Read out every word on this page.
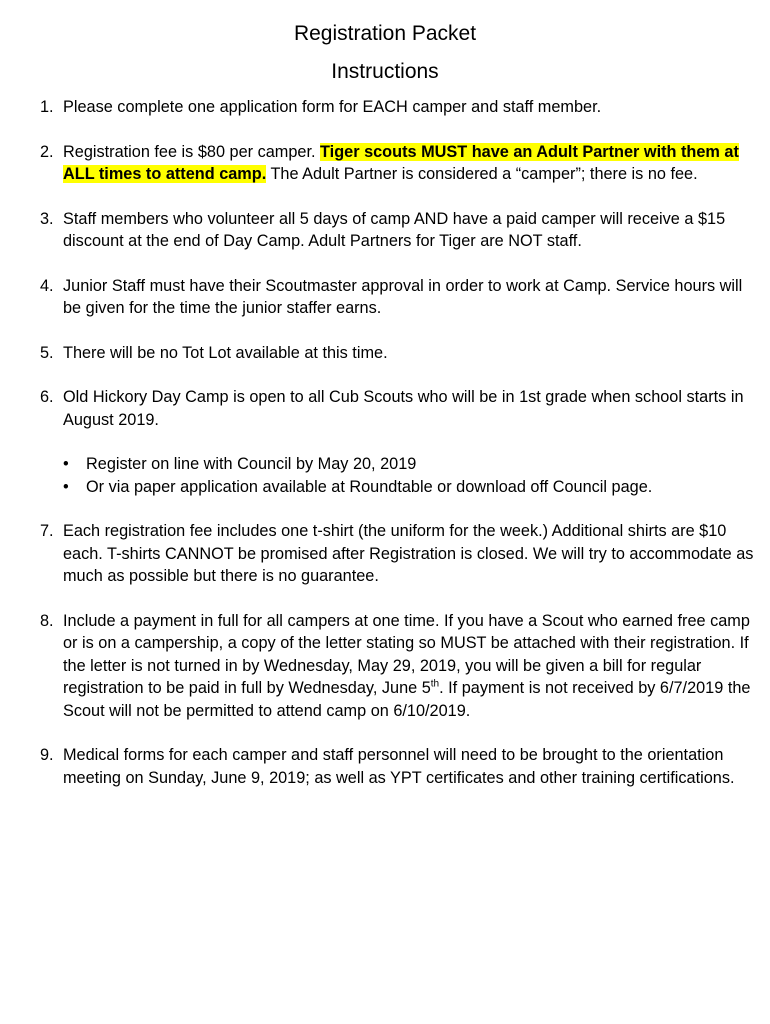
Registration Packet
Instructions
1. Please complete one application form for EACH camper and staff member.
2. Registration fee is $80 per camper. Tiger scouts MUST have an Adult Partner with them at ALL times to attend camp. The Adult Partner is considered a “camper”; there is no fee.
3. Staff members who volunteer all 5 days of camp AND have a paid camper will receive a $15 discount at the end of Day Camp. Adult Partners for Tiger are NOT staff.
4. Junior Staff must have their Scoutmaster approval in order to work at Camp. Service hours will be given for the time the junior staffer earns.
5. There will be no Tot Lot available at this time.
6. Old Hickory Day Camp is open to all Cub Scouts who will be in 1st grade when school starts in August 2019.
• Register on line with Council by May 20, 2019
• Or via paper application available at Roundtable or download off Council page.
7. Each registration fee includes one t-shirt (the uniform for the week.) Additional shirts are $10 each. T-shirts CANNOT be promised after Registration is closed. We will try to accommodate as much as possible but there is no guarantee.
8. Include a payment in full for all campers at one time. If you have a Scout who earned free camp or is on a campership, a copy of the letter stating so MUST be attached with their registration. If the letter is not turned in by Wednesday, May 29, 2019, you will be given a bill for regular registration to be paid in full by Wednesday, June 5th. If payment is not received by 6/7/2019 the Scout will not be permitted to attend camp on 6/10/2019.
9. Medical forms for each camper and staff personnel will need to be brought to the orientation meeting on Sunday, June 9, 2019; as well as YPT certificates and other training certifications.
